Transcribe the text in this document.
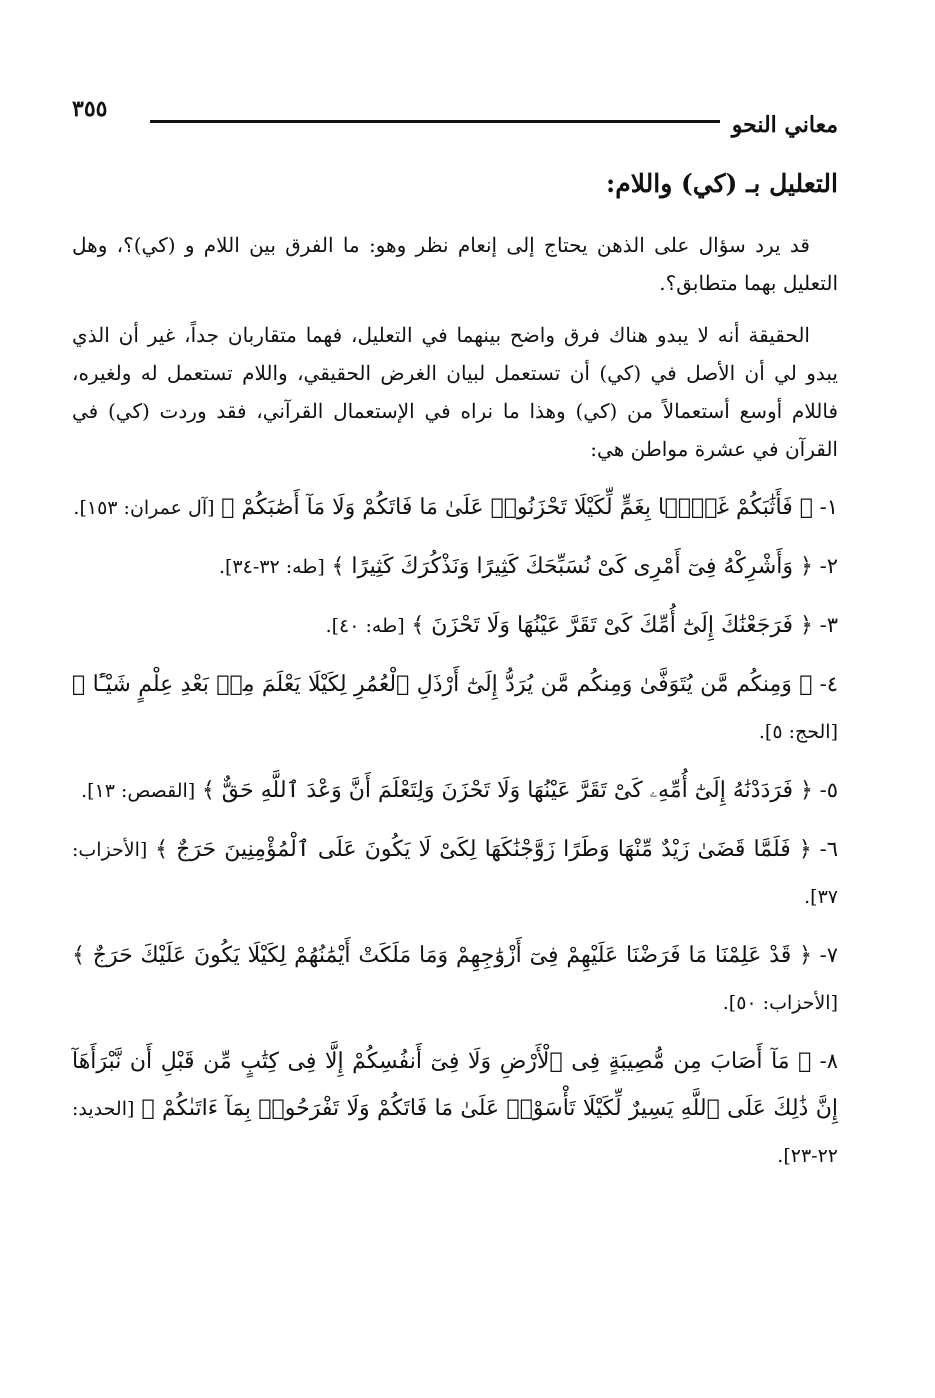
٣٥٥
معاني النحو
التعليل بـ (كي) واللام:

قد يرد سؤال على الذهن يحتاج إلى إنعام نظر وهو: ما الفرق بين اللام و (كي)؟، وهل التعليل بهما متطابق؟.

الحقيقة أنه لا يبدو هناك فرق واضح بينهما في التعليل، فهما متقاربان جداً، غير أن الذي يبدو لي أن الأصل في (كي) أن تستعمل لبيان الغرض الحقيقي، واللام تستعمل له ولغيره، فاللام أوسع أستعمالاً من (كي) وهذا ما نراه في الإستعمال القرآني، فقد وردت (كي) في القرآن في عشرة مواطن هي:

١- ﴿ فَأَثَٰبَكُمْ غَمًّۢا بِغَمٍّ لِّكَيْلَا تَحْزَنُوا۟ عَلَىٰ مَا فَاتَكُمْ وَلَا مَآ أَصَٰبَكُمْ ﴾ [آل عمران: ١٥٣].
٢- ﴿ وَأَشْرِكْهُ فِىٓ أَمْرِى كَىْ نُسَبِّحَكَ كَثِيرًا وَنَذْكُرَكَ كَثِيرًا ﴾ [طه: ٣٢-٣٤].
٣- ﴿ فَرَجَعْنَٰكَ إِلَىٰٓ أُمِّكَ كَىْ تَقَرَّ عَيْنُهَا وَلَا تَحْزَنَ ﴾ [طه: ٤٠].
٤- ﴿ وَمِنكُم مَّن يُتَوَفَّىٰ وَمِنكُم مَّن يُرَدُّ إِلَىٰٓ أَرْذَلِ ٱلْعُمُرِ لِكَيْلَا يَعْلَمَ مِنۢ بَعْدِ عِلْمٍ شَيْـًٔا ﴾ [الحج: ٥].
٥- ﴿ فَرَدَدْنَٰهُ إِلَىٰٓ أُمِّهِۦ كَىْ تَقَرَّ عَيْنُهَا وَلَا تَحْزَنَ وَلِتَعْلَمَ أَنَّ وَعْدَ ٱللَّهِ حَقٌّ ﴾ [القصص: ١٣].
٦- ﴿ فَلَمَّا قَضَىٰ زَيْدٌ مِّنْهَا وَطَرًا زَوَّجْنَٰكَهَا لِكَىْ لَا يَكُونَ عَلَى ٱلْمُؤْمِنِينَ حَرَجٌ ﴾ [الأحزاب: ٣٧].
٧- ﴿ قَدْ عَلِمْنَا مَا فَرَضْنَا عَلَيْهِمْ فِىٓ أَزْوَٰجِهِمْ وَمَا مَلَكَتْ أَيْمَٰنُهُمْ لِكَيْلَا يَكُونَ عَلَيْكَ حَرَجٌ ﴾ [الأحزاب: ٥٠].
٨- ﴿ مَآ أَصَابَ مِن مُّصِيبَةٍ فِى ٱلْأَرْضِ وَلَا فِىٓ أَنفُسِكُمْ إِلَّا فِى كِتَٰبٍ مِّن قَبْلِ أَن نَّبْرَأَهَآ إِنَّ ذَٰلِكَ عَلَى ٱللَّهِ يَسِيرٌ لِّكَيْلَا تَأْسَوْا۟ عَلَىٰ مَا فَاتَكُمْ وَلَا تَفْرَحُوا۟ بِمَآ ءَاتَىٰكُمْ ﴾ [الحديد: ٢٢-٢٣].
